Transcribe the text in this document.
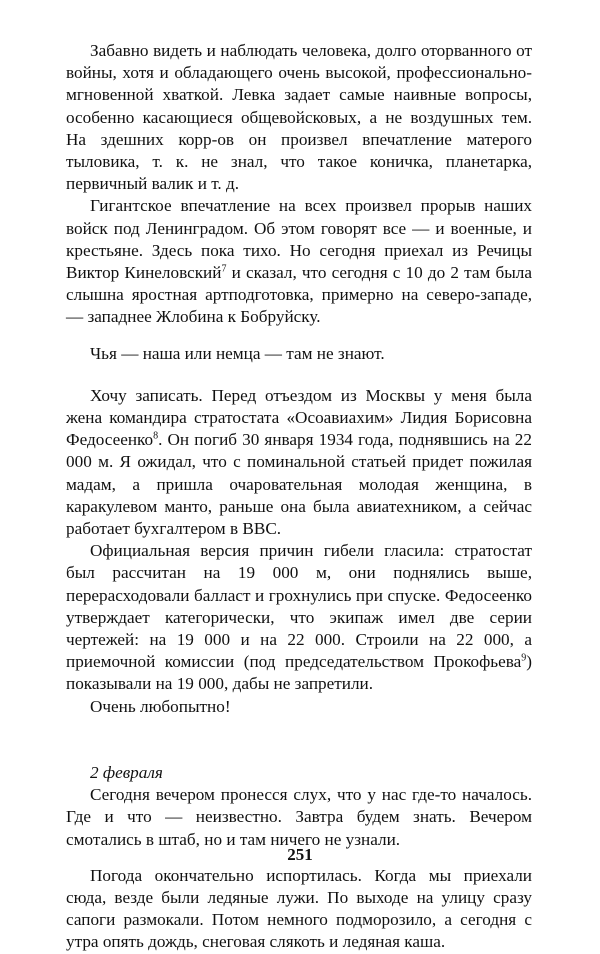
Забавно видеть и наблюдать человека, долго оторванного от войны, хотя и обладающего очень высокой, профессионально-мгновенной хваткой. Левка задает самые наивные вопросы, особенно касающиеся общевойсковых, а не воздушных тем. На здешних корр-ов он произвел впечатление матерого тыловика, т. к. не знал, что такое коничка, планетарка, первичный валик и т. д.

Гигантское впечатление на всех произвел прорыв наших войск под Ленинградом. Об этом говорят все — и военные, и крестьяне. Здесь пока тихо. Но сегодня приехал из Речицы Виктор Кинеловский$^7$ и сказал, что сегодня с 10 до 2 там была слышна яростная артподготовка, примерно на северо-западе, — западнее Жлобина к Бобруйску.

Чья — наша или немца — там не знают.

Хочу записать. Перед отъездом из Москвы у меня была жена командира стратостата «Осоавиахим» Лидия Борисовна Федосеенко$^8$. Он погиб 30 января 1934 года, поднявшись на 22 000 м. Я ожидал, что с поминальной статьей придет пожилая мадам, а пришла очаровательная молодая женщина, в каракулевом манто, раньше она была авиатехником, а сейчас работает бухгалтером в ВВС.

Официальная версия причин гибели гласила: стратостат был рассчитан на 19 000 м, они поднялись выше, перерасходовали балласт и грохнулись при спуске. Федосеенко утверждает категорически, что экипаж имел две серии чертежей: на 19 000 и на 22 000. Строили на 22 000, а приемочной комиссии (под председательством Прокофьева$^9$) показывали на 19 000, дабы не запретили.

Очень любопытно!

2 февраля

Сегодня вечером пронесся слух, что у нас где-то началось. Где и что — неизвестно. Завтра будем знать. Вечером смотались в штаб, но и там ничего не узнали.

Погода окончательно испортилась. Когда мы приехали сюда, везде были ледяные лужи. По выходе на улицу сразу сапоги размокали. Потом немного подморозило, а сегодня с утра опять дождь, снеговая слякоть и ледяная каша.

251
